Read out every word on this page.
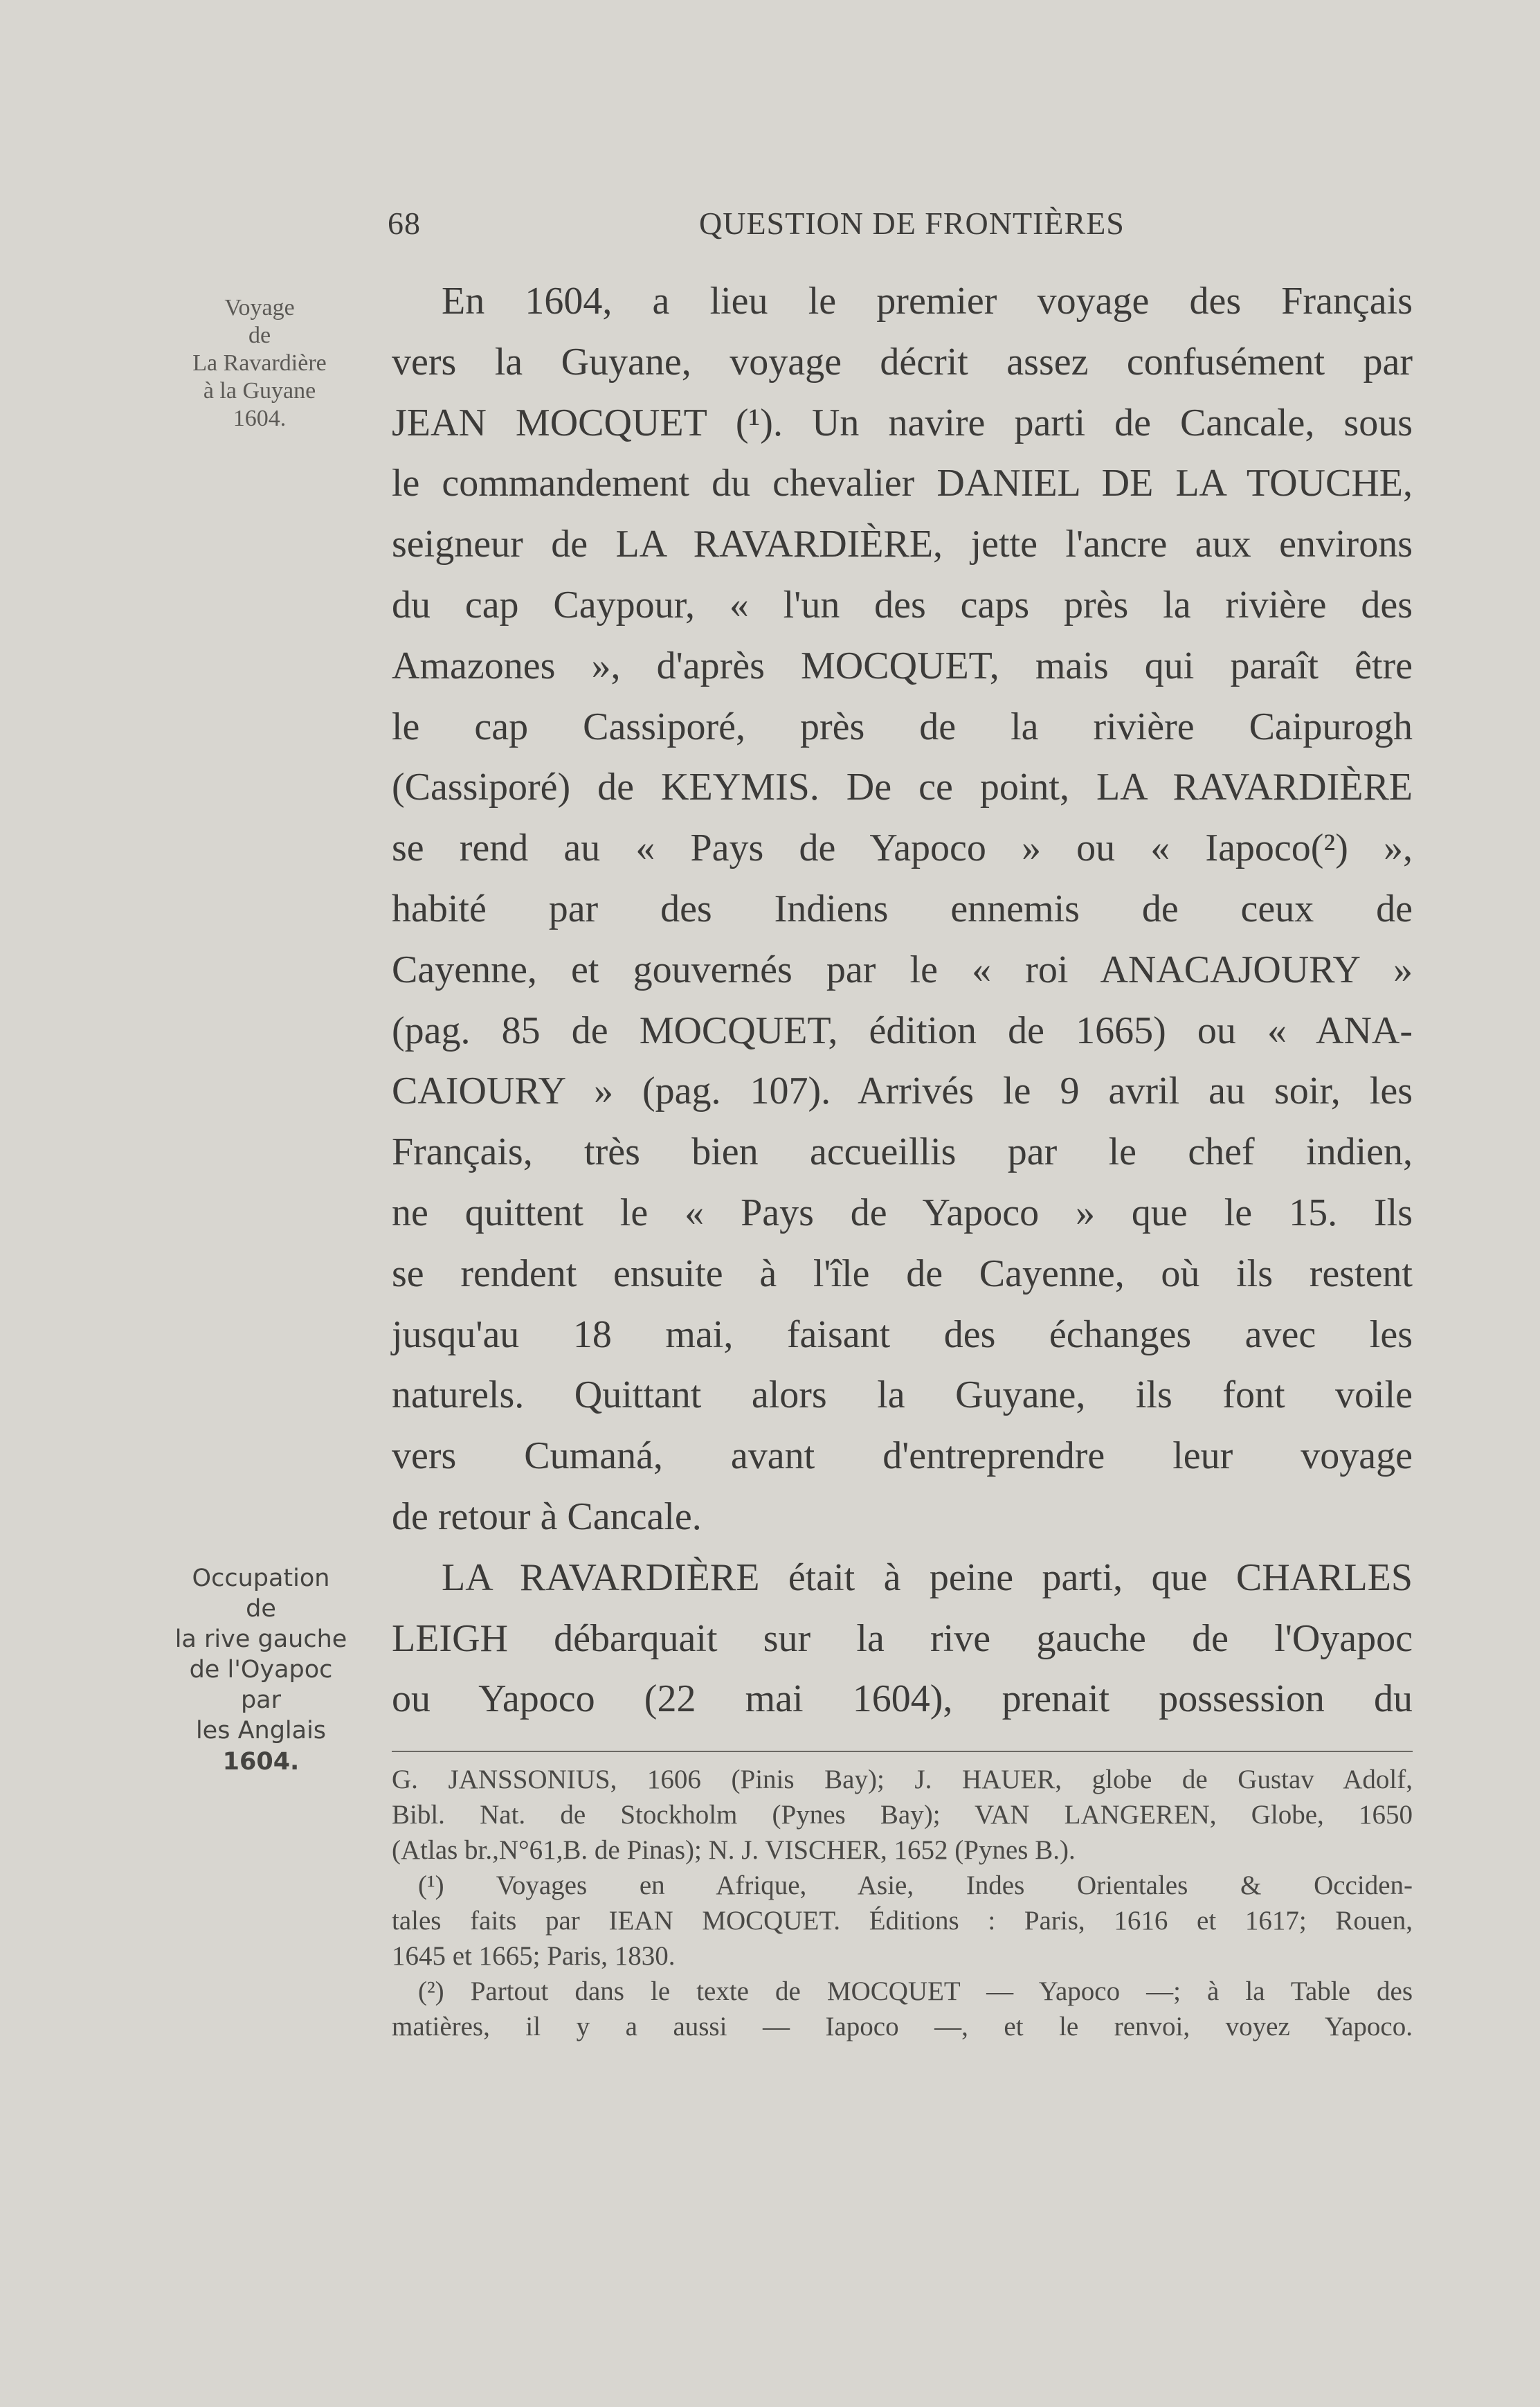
68	QUESTION DE FRONTIÈRES
Voyage
de
La Ravardière
à la Guyane
1604.
Occupation
de
la rive gauche
de l'Oyapoc
par
les Anglais
1604.
En 1604, a lieu le premier voyage des Français
vers la Guyane, voyage décrit assez confusément par
JEAN MOCQUET (¹). Un navire parti de Cancale, sous
le commandement du chevalier DANIEL DE LA TOUCHE,
seigneur de LA RAVARDIÈRE, jette l'ancre aux environs
du cap Caypour, « l'un des caps près la rivière des
Amazones », d'après MOCQUET, mais qui paraît être
le cap Cassiporé, près de la rivière Caipurogh
(Cassiporé) de KEYMIS. De ce point, LA RAVARDIÈRE
se rend au « Pays de Yapoco » ou « Iapoco(²) »,
habité par des Indiens ennemis de ceux de
Cayenne, et gouvernés par le « roi ANACAJOURY »
(pag. 85 de MOCQUET, édition de 1665) ou « ANA-
CAIOURY » (pag. 107). Arrivés le 9 avril au soir, les
Français, très bien accueillis par le chef indien,
ne quittent le « Pays de Yapoco » que le 15. Ils
se rendent ensuite à l'île de Cayenne, où ils restent
jusqu'au 18 mai, faisant des échanges avec les
naturels. Quittant alors la Guyane, ils font voile
vers Cumaná, avant d'entreprendre leur voyage
de retour à Cancale.
LA RAVARDIÈRE était à peine parti, que CHARLES
LEIGH débarquait sur la rive gauche de l'Oyapoc
ou Yapoco (22 mai 1604), prenait possession du
G. JANSSONIUS, 1606 (Pinis Bay); J. HAUER, globe de Gustav Adolf,
Bibl. Nat. de Stockholm (Pynes Bay); VAN LANGEREN, Globe, 1650
(Atlas br.,N°61,B. de Pinas); N. J. VISCHER, 1652 (Pynes B.).
(¹) Voyages en Afrique, Asie, Indes Orientales & Occiden-
tales faits par IEAN MOCQUET. Éditions : Paris, 1616 et 1617; Rouen,
1645 et 1665; Paris, 1830.
(²) Partout dans le texte de MOCQUET — Yapoco —; à la Table des
matières, il y a aussi — Iapoco —, et le renvoi, voyez Yapoco.
